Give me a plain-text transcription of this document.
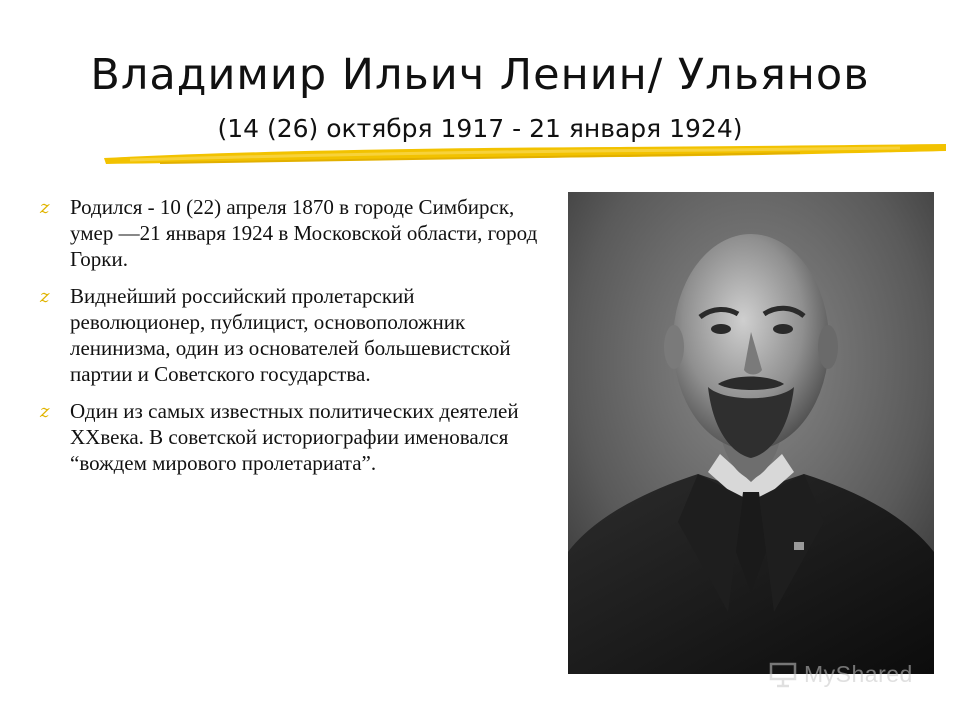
Владимир Ильич Ленин/ Ульянов
(14 (26) октября 1917 - 21 января 1924)
z Родился - 10 (22) апреля 1870 в городе Симбирск, умер —21 января 1924 в Московской области, город Горки.
z Виднейший российский пролетарский революционер, публицист, основоположник ленинизма, один из основателей большевистской партии и Советского государства.
z Один из самых известных политических деятелей XXвека. В советской историографии именовался “вождем мирового пролетариата”.
MyShared
